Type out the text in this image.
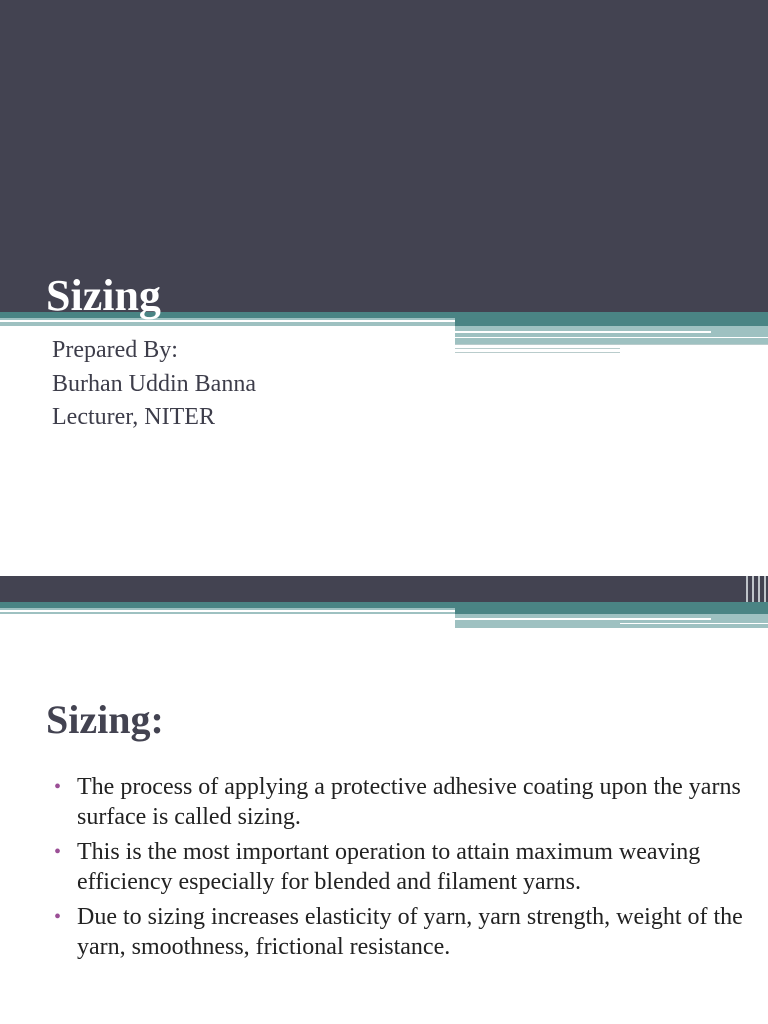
Sizing
Prepared By:
Burhan Uddin Banna
Lecturer, NITER
Sizing:
• The process of applying a protective adhesive coating upon the yarns surface is called sizing.
• This is the most important operation to attain maximum weaving efficiency especially for blended and filament yarns.
• Due to sizing increases elasticity of yarn, yarn strength, weight of the yarn, smoothness, frictional resistance.
